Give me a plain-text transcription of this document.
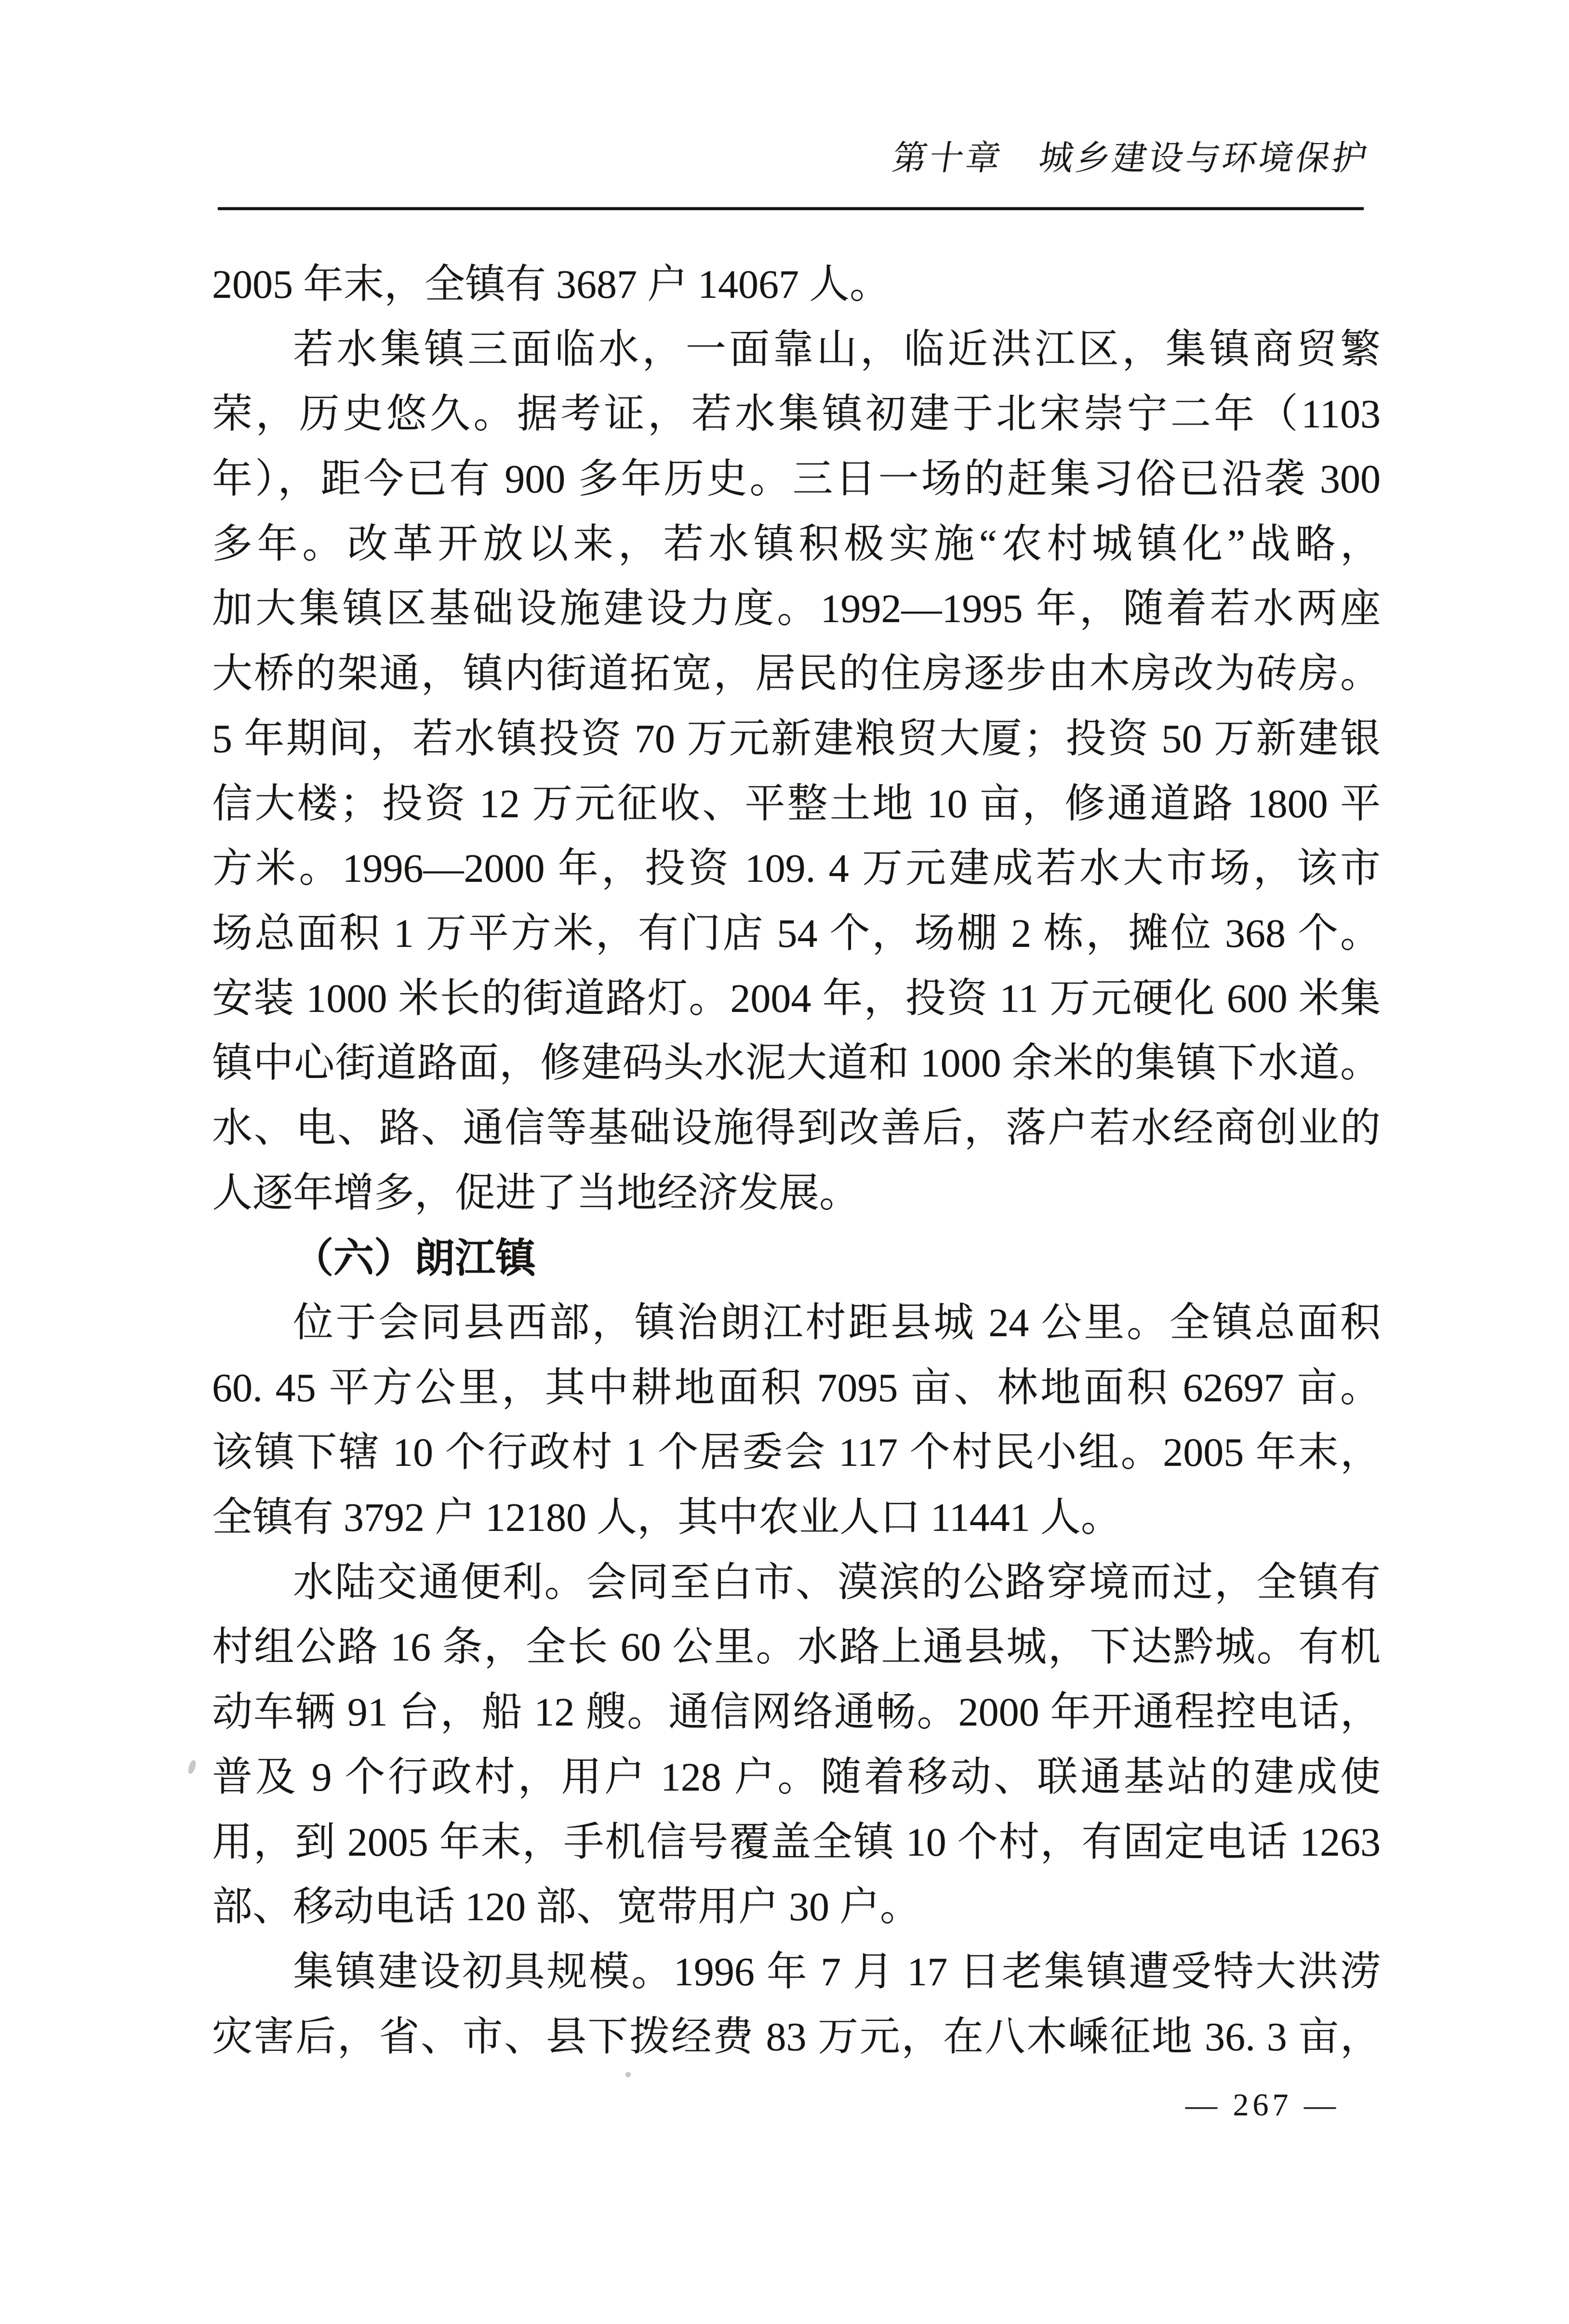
第十章　城乡建设与环境保护
2005 年末，全镇有 3687 户 14067 人。
若水集镇三面临水，一面靠山，临近洪江区，集镇商贸繁
荣，历史悠久。据考证，若水集镇初建于北宋崇宁二年（1103
年），距今已有 900 多年历史。三日一场的赶集习俗已沿袭 300
多年。改革开放以来，若水镇积极实施“农村城镇化”战略，
加大集镇区基础设施建设力度。1992—1995 年，随着若水两座
大桥的架通，镇内街道拓宽，居民的住房逐步由木房改为砖房。
5 年期间，若水镇投资 70 万元新建粮贸大厦；投资 50 万新建银
信大楼；投资 12 万元征收、平整土地 10 亩，修通道路 1800 平
方米。1996—2000 年，投资 109. 4 万元建成若水大市场，该市
场总面积 1 万平方米，有门店 54 个，场棚 2 栋，摊位 368 个。
安装 1000 米长的街道路灯。2004 年，投资 11 万元硬化 600 米集
镇中心街道路面，修建码头水泥大道和 1000 余米的集镇下水道。
水、电、路、通信等基础设施得到改善后，落户若水经商创业的
人逐年增多，促进了当地经济发展。
（六）朗江镇
位于会同县西部，镇治朗江村距县城 24 公里。全镇总面积
60. 45 平方公里，其中耕地面积 7095 亩、林地面积 62697 亩。
该镇下辖 10 个行政村 1 个居委会 117 个村民小组。2005 年末，
全镇有 3792 户 12180 人，其中农业人口 11441 人。
水陆交通便利。会同至白市、漠滨的公路穿境而过，全镇有
村组公路 16 条，全长 60 公里。水路上通县城，下达黔城。有机
动车辆 91 台，船 12 艘。通信网络通畅。2000 年开通程控电话，
普及 9 个行政村，用户 128 户。随着移动、联通基站的建成使
用，到 2005 年末，手机信号覆盖全镇 10 个村，有固定电话 1263
部、移动电话 120 部、宽带用户 30 户。
集镇建设初具规模。1996 年 7 月 17 日老集镇遭受特大洪涝
灾害后，省、市、县下拨经费 83 万元，在八木嵊征地 36. 3 亩，
— 267 —
